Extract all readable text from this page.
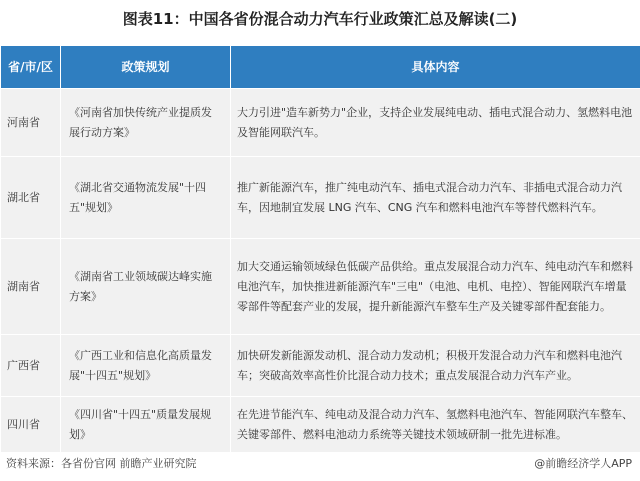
图表11：中国各省份混合动力汽车行业政策汇总及解读(二)
省/市/区	政策规划	具体内容
河南省	《河南省加快传统产业提质发展行动方案》	大力引进"造车新势力"企业，支持企业发展纯电动、插电式混合动力、氢燃料电池及智能网联汽车。
湖北省	《湖北省交通物流发展"十四五"规划》	推广新能源汽车，推广纯电动汽车、插电式混合动力汽车、非插电式混合动力汽车，因地制宜发展 LNG 汽车、CNG 汽车和燃料电池汽车等替代燃料汽车。
湖南省	《湖南省工业领域碳达峰实施方案》	加大交通运输领域绿色低碳产品供给。重点发展混合动力汽车、纯电动汽车和燃料电池汽车，加快推进新能源汽车"三电"（电池、电机、电控）、智能网联汽车增量零部件等配套产业的发展，提升新能源汽车整车生产及关键零部件配套能力。
广西省	《广西工业和信息化高质量发展"十四五"规划》	加快研发新能源发动机、混合动力发动机；积极开发混合动力汽车和燃料电池汽车；突破高效率高性价比混合动力技术；重点发展混合动力汽车产业。
四川省	《四川省"十四五"质量发展规划》	在先进节能汽车、纯电动及混合动力汽车、氢燃料电池汽车、智能网联汽车整车、关键零部件、燃料电池动力系统等关键技术领域研制一批先进标准。
资料来源：各省份官网 前瞻产业研究院	@前瞻经济学人APP
